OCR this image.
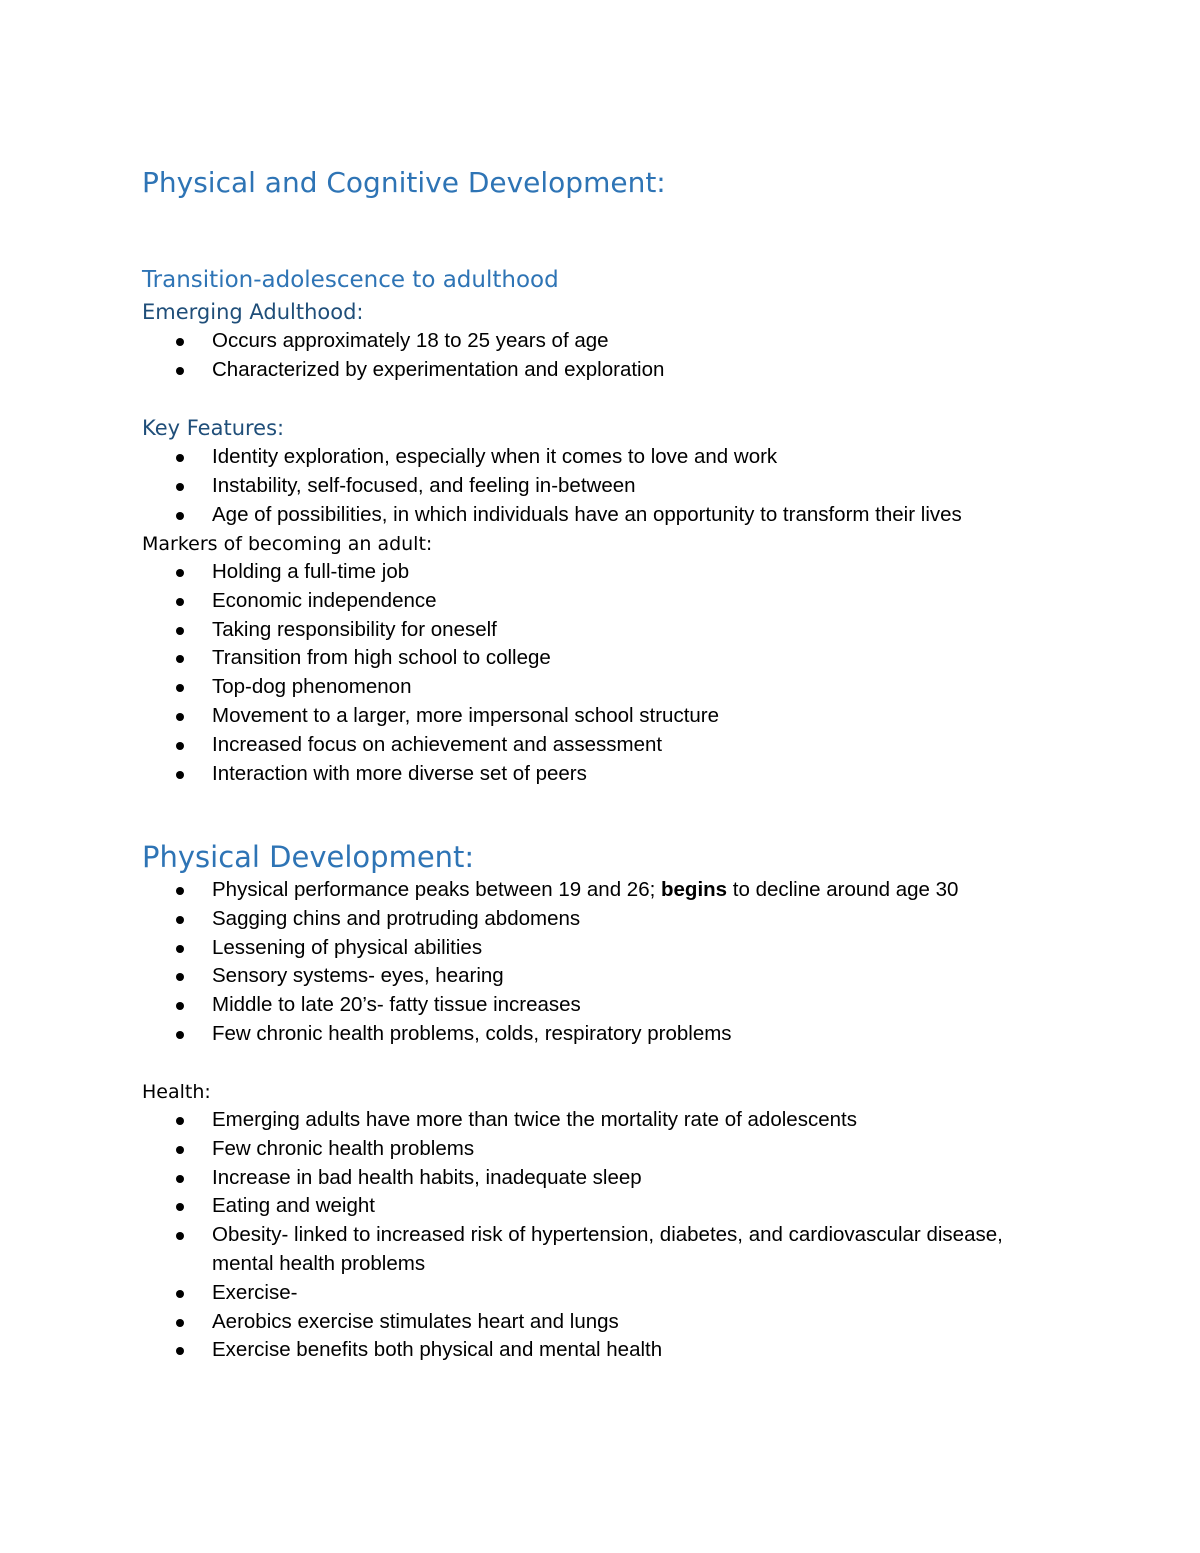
Physical and Cognitive Development:
Transition-adolescence to adulthood
Emerging Adulthood:
Occurs approximately 18 to 25 years of age
Characterized by experimentation and exploration
Key Features:
Identity exploration, especially when it comes to love and work
Instability, self-focused, and feeling in-between
Age of possibilities, in which individuals have an opportunity to transform their lives

Markers of becoming an adult:

Holding a full-time job
Economic independence
Taking responsibility for oneself
Transition from high school to college
Top-dog phenomenon
Movement to a larger, more impersonal school structure
Increased focus on achievement and assessment
Interaction with more diverse set of peers
Physical Development:
Physical performance peaks between 19 and 26; begins to decline around age 30
Sagging chins and protruding abdomens
Lessening of physical abilities
Sensory systems- eyes, hearing
Middle to late 20’s- fatty tissue increases
Few chronic health problems, colds, respiratory problems

Health:

Emerging adults have more than twice the mortality rate of adolescents
Few chronic health problems
Increase in bad health habits, inadequate sleep
Eating and weight
Obesity- linked to increased risk of hypertension, diabetes, and cardiovascular disease, mental health problems
Exercise-
Aerobics exercise stimulates heart and lungs
Exercise benefits both physical and mental health
